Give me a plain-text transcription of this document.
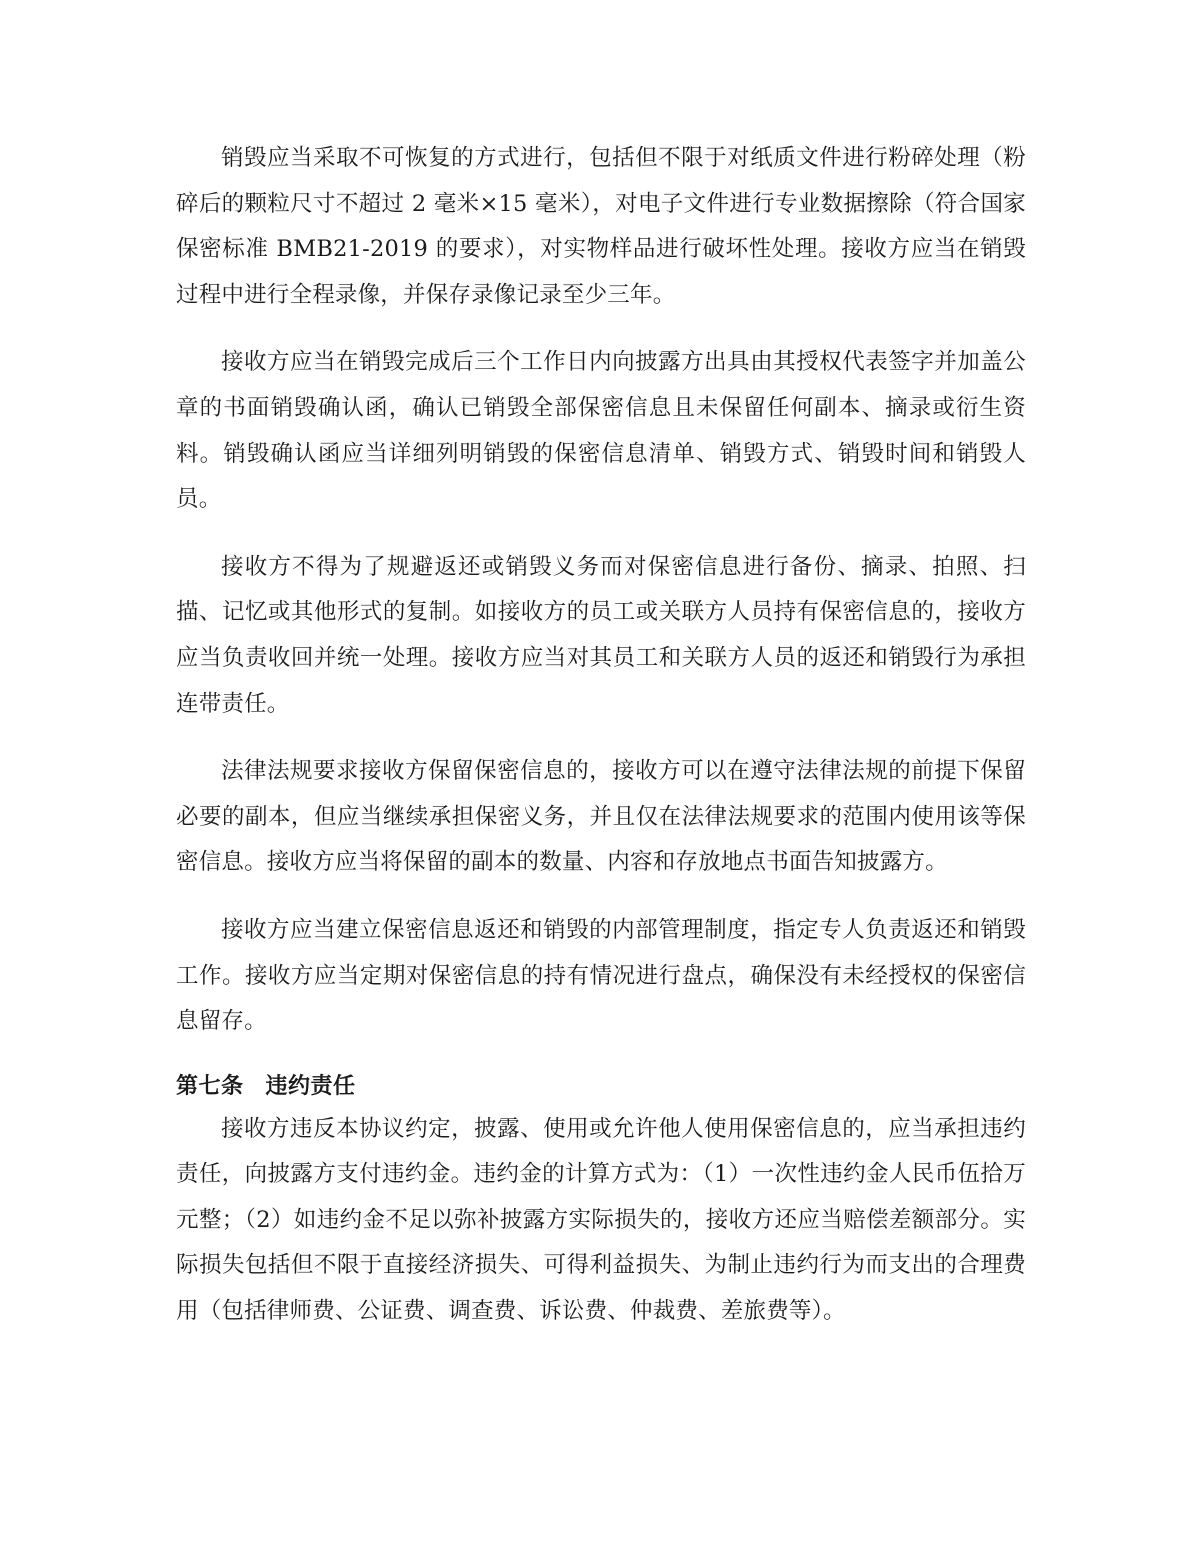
销毁应当采取不可恢复的方式进行，包括但不限于对纸质文件进行粉碎处理（粉碎后的颗粒尺寸不超过 2 毫米×15 毫米），对电子文件进行专业数据擦除（符合国家保密标准 BMB21-2019 的要求），对实物样品进行破坏性处理。接收方应当在销毁过程中进行全程录像，并保存录像记录至少三年。

接收方应当在销毁完成后三个工作日内向披露方出具由其授权代表签字并加盖公章的书面销毁确认函，确认已销毁全部保密信息且未保留任何副本、摘录或衍生资料。销毁确认函应当详细列明销毁的保密信息清单、销毁方式、销毁时间和销毁人员。

接收方不得为了规避返还或销毁义务而对保密信息进行备份、摘录、拍照、扫描、记忆或其他形式的复制。如接收方的员工或关联方人员持有保密信息的，接收方应当负责收回并统一处理。接收方应当对其员工和关联方人员的返还和销毁行为承担连带责任。

法律法规要求接收方保留保密信息的，接收方可以在遵守法律法规的前提下保留必要的副本，但应当继续承担保密义务，并且仅在法律法规要求的范围内使用该等保密信息。接收方应当将保留的副本的数量、内容和存放地点书面告知披露方。

接收方应当建立保密信息返还和销毁的内部管理制度，指定专人负责返还和销毁工作。接收方应当定期对保密信息的持有情况进行盘点，确保没有未经授权的保密信息留存。

第七条 违约责任

接收方违反本协议约定，披露、使用或允许他人使用保密信息的，应当承担违约责任，向披露方支付违约金。违约金的计算方式为：（1）一次性违约金人民币伍拾万元整；（2）如违约金不足以弥补披露方实际损失的，接收方还应当赔偿差额部分。实际损失包括但不限于直接经济损失、可得利益损失、为制止违约行为而支出的合理费用（包括律师费、公证费、调查费、诉讼费、仲裁费、差旅费等）。
